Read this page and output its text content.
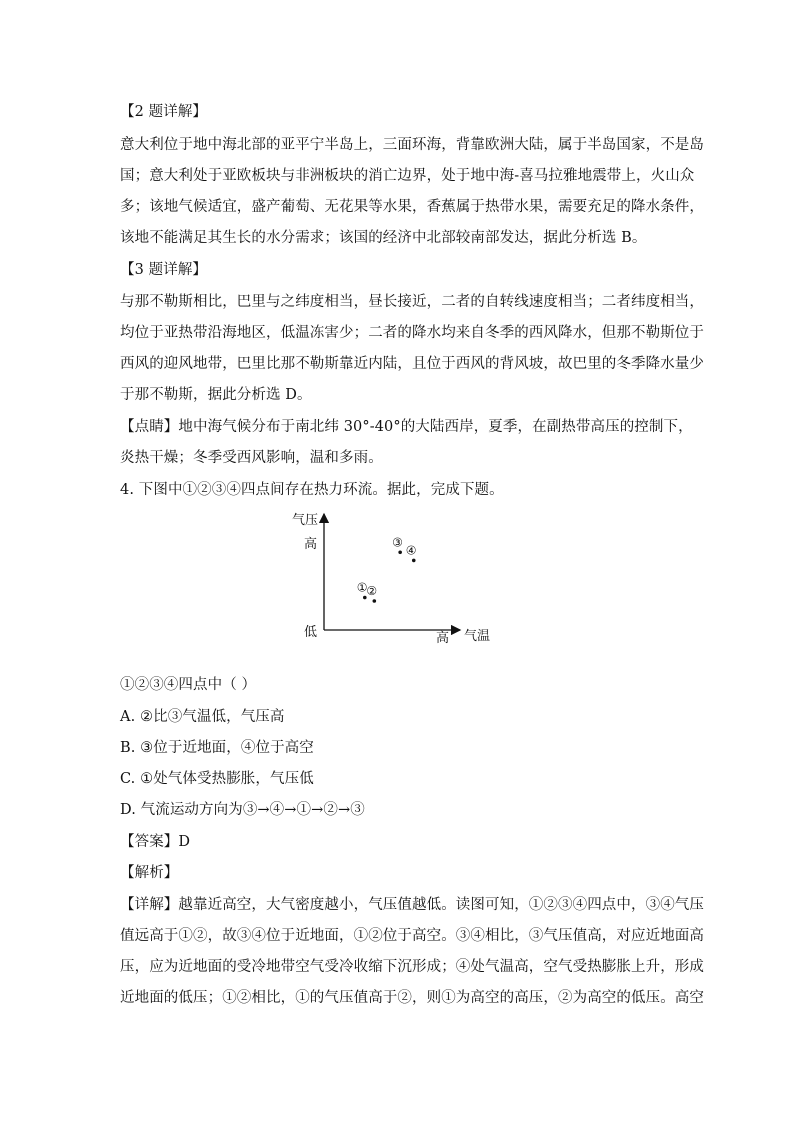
【2 题详解】
意大利位于地中海北部的亚平宁半岛上，三面环海，背靠欧洲大陆，属于半岛国家，不是岛
国；意大利处于亚欧板块与非洲板块的消亡边界，处于地中海-喜马拉雅地震带上，火山众
多；该地气候适宜，盛产葡萄、无花果等水果，香蕉属于热带水果，需要充足的降水条件，
该地不能满足其生长的水分需求；该国的经济中北部较南部发达，据此分析选 B。
【3 题详解】
与那不勒斯相比，巴里与之纬度相当，昼长接近，二者的自转线速度相当；二者纬度相当，
均位于亚热带沿海地区，低温冻害少；二者的降水均来自冬季的西风降水，但那不勒斯位于
西风的迎风地带，巴里比那不勒斯靠近内陆，且位于西风的背风坡，故巴里的冬季降水量少
于那不勒斯，据此分析选 D。
【点睛】地中海气候分布于南北纬 30°-40°的大陆西岸，夏季，在副热带高压的控制下，
炎热干燥；冬季受西风影响，温和多雨。
4. 下图中①②③④四点间存在热力环流。据此，完成下题。
气压
高
低	高 气温
①
②
③
④
①②③④四点中（ ）
A. ②比③气温低，气压高
B. ③位于近地面，④位于高空
C. ①处气体受热膨胀，气压低
D. 气流运动方向为③→④→①→②→③
【答案】D
【解析】
【详解】越靠近高空，大气密度越小，气压值越低。读图可知，①②③④四点中，③④气压
值远高于①②，故③④位于近地面，①②位于高空。③④相比，③气压值高，对应近地面高
压，应为近地面的受冷地带空气受冷收缩下沉形成；④处气温高，空气受热膨胀上升，形成
近地面的低压；①②相比，①的气压值高于②，则①为高空的高压，②为高空的低压。高空
